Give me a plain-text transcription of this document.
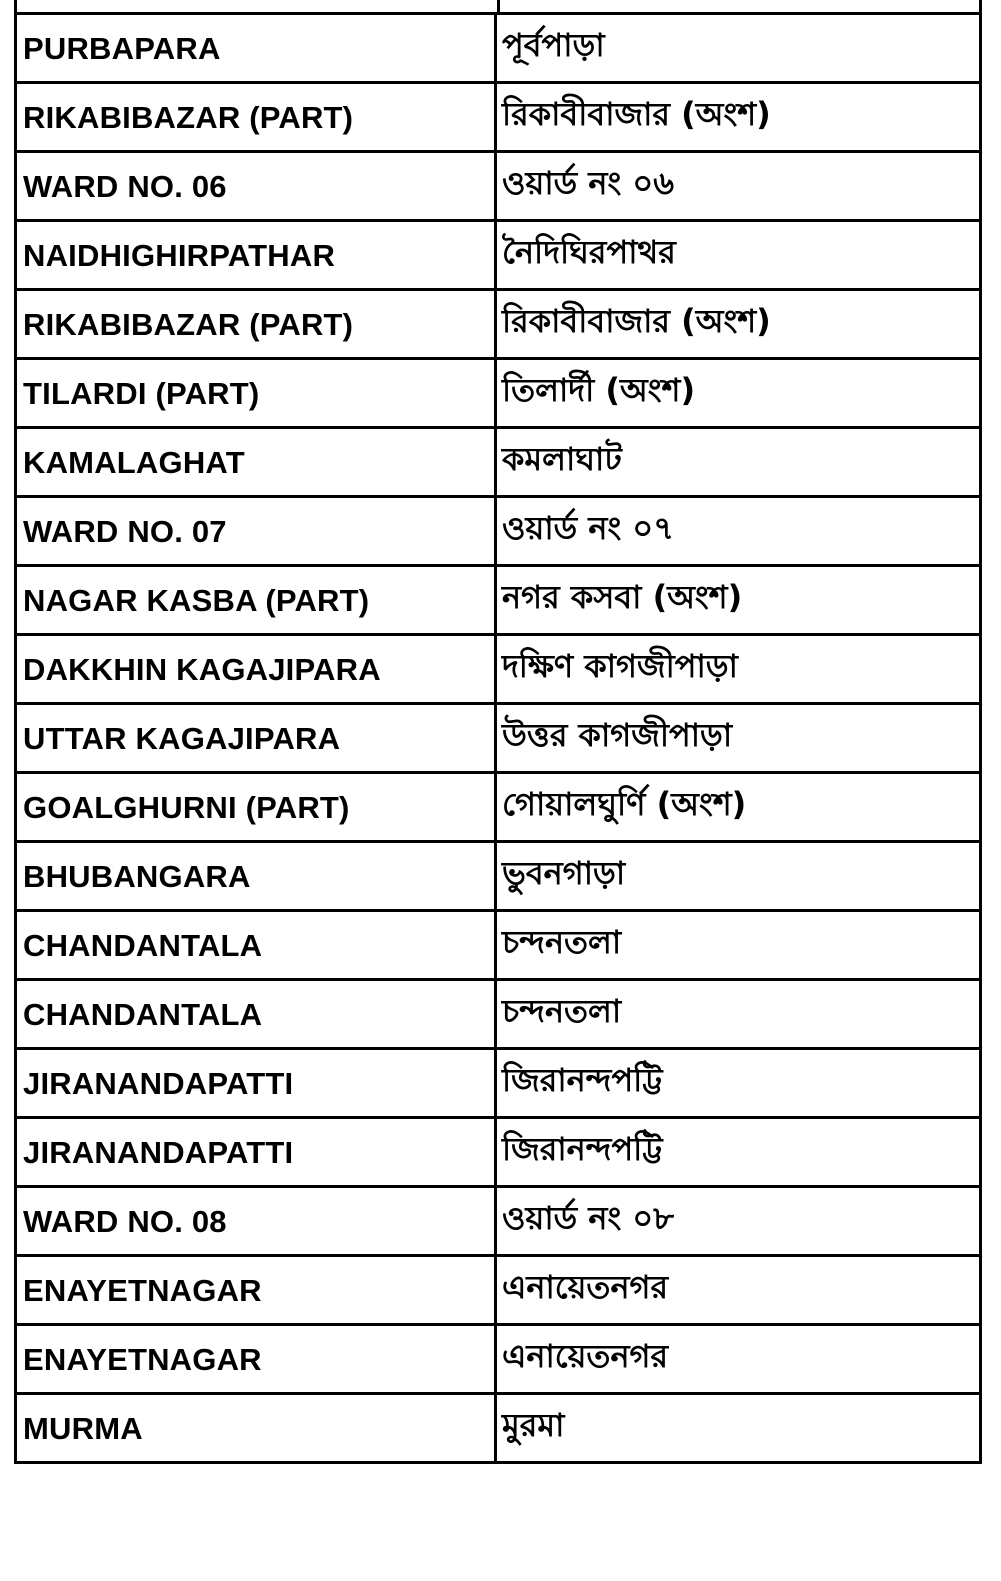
PURBAPARA	পূর্বপাড়া
RIKABIBAZAR (PART)	রিকাবীবাজার (অংশ)
WARD NO. 06	ওয়ার্ড নং ০৬
NAIDHIGHIRPATHAR	নৈদিঘিরপাথর
RIKABIBAZAR (PART)	রিকাবীবাজার (অংশ)
TILARDI (PART)	তিলার্দী (অংশ)
KAMALAGHAT	কমলাঘাট
WARD NO. 07	ওয়ার্ড নং ০৭
NAGAR KASBA (PART)	নগর কসবা (অংশ)
DAKKHIN KAGAJIPARA	দক্ষিণ কাগজীপাড়া
UTTAR KAGAJIPARA	উত্তর কাগজীপাড়া
GOALGHURNI (PART)	গোয়ালঘুর্ণি (অংশ)
BHUBANGARA	ভুবনগাড়া
CHANDANTALA	চন্দনতলা
CHANDANTALA	চন্দনতলা
JIRANANDAPATTI	জিরানন্দপট্টি
JIRANANDAPATTI	জিরানন্দপট্টি
WARD NO. 08	ওয়ার্ড নং ০৮
ENAYETNAGAR	এনায়েতনগর
ENAYETNAGAR	এনায়েতনগর
MURMA	মুরমা
